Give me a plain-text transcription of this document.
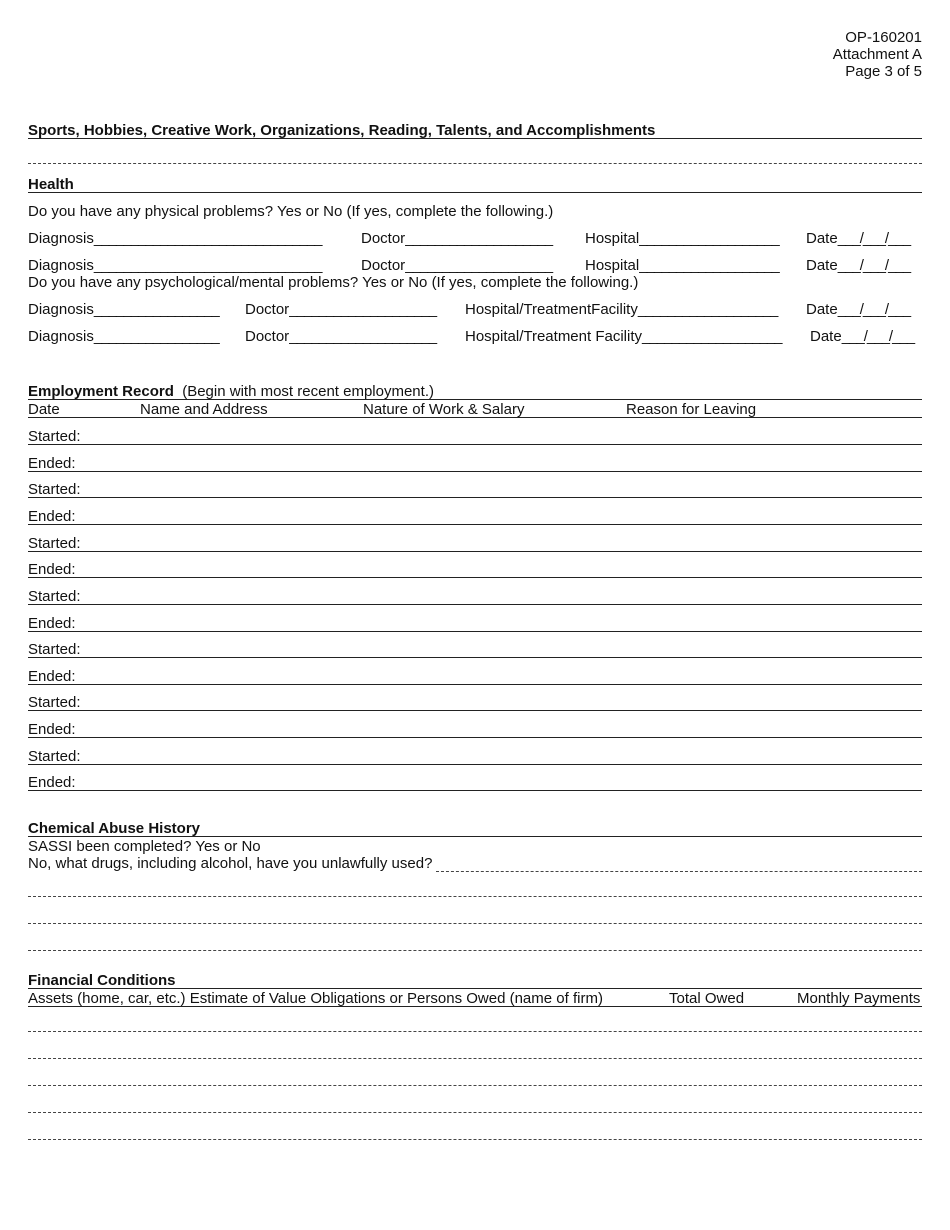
OP-160201
Attachment A
Page 3 of 5
Sports, Hobbies, Creative Work, Organizations, Reading, Talents, and Accomplishments
Health
Do you have any physical problems? Yes or No (If yes, complete the following.)
Diagnosis_______________________________	Doctor____________________ Hospital___________________ Date___/___/___
Diagnosis_______________________________	Doctor____________________ Hospital___________________ Date___/___/___
Do you have any psychological/mental problems? Yes or No (If yes, complete the following.)
Diagnosis_________________ Doctor____________________ Hospital/TreatmentFacility___________________ Date___/___/___
Diagnosis_________________ Doctor____________________ Hospital/Treatment Facility___________________ Date___/___/___
Employment Record (Begin with most recent employment.)
Date	Name and Address	Nature of Work & Salary	Reason for Leaving
Started:
Ended:
Started:
Ended:
Started:
Ended:
Started:
Ended:
Started:
Ended:
Started:
Ended:
Started:
Ended:
Chemical Abuse History
SASSI been completed? Yes or No
No, what drugs, including alcohol, have you unlawfully used?
Financial Conditions
Assets (home, car, etc.) Estimate of Value Obligations or Persons Owed (name of firm)	Total Owed	Monthly Payments
